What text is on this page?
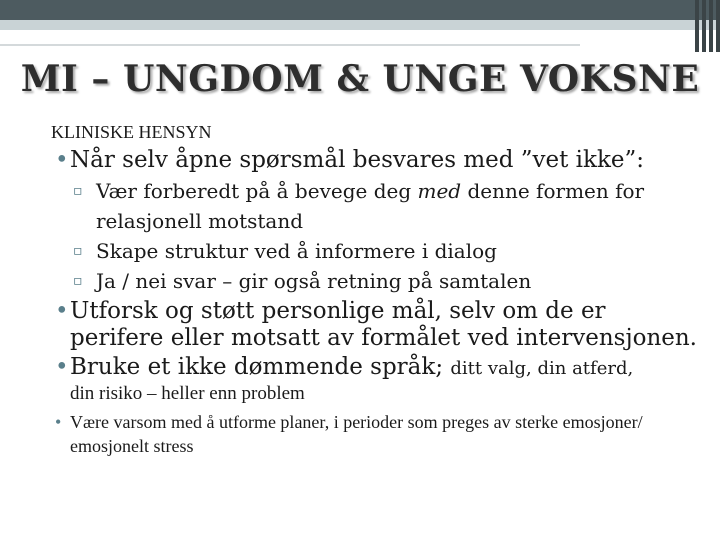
MI – UNGDOM & UNGE VOKSNE
KLINISKE HENSYN
• Når selv åpne spørsmål besvares med ”vet ikke”:
▫ Vær forberedt på å bevege deg med denne formen for relasjonell motstand
▫ Skape struktur ved å informere i dialog
▫ Ja / nei svar – gir også retning på samtalen
• Utforsk og støtt personlige mål, selv om de er perifere eller motsatt av formålet ved intervensjonen.
• Bruke et ikke dømmende språk; ditt valg, din atferd,
din risiko – heller enn problem
• Være varsom med å utforme planer, i perioder som preges av sterke emosjoner/ emosjonelt stress
